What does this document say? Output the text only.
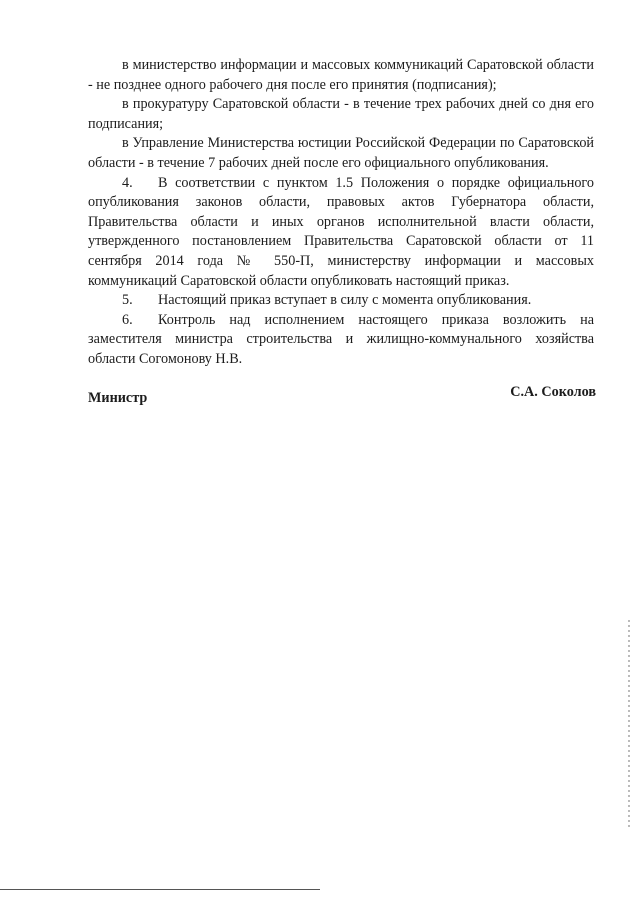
в министерство информации и массовых коммуникаций Саратовской области - не позднее одного рабочего дня после его принятия (подписания);

в прокуратуру Саратовской области - в течение трех рабочих дней со дня его подписания;

в Управление Министерства юстиции Российской Федерации по Саратовской области - в течение 7 рабочих дней после его официального опубликования.

4. В соответствии с пунктом 1.5 Положения о порядке официального опубликования законов области, правовых актов Губернатора области, Правительства области и иных органов исполнительной власти области, утвержденного постановлением Правительства Саратовской области от 11 сентября 2014 года № 550-П, министерству информации и массовых коммуникаций Саратовской области опубликовать настоящий приказ.

5. Настоящий приказ вступает в силу с момента опубликования.

6. Контроль над исполнением настоящего приказа возложить на заместителя министра строительства и жилищно-коммунального хозяйства области Согомонову Н.В.

Министр	С.А. Соколов
